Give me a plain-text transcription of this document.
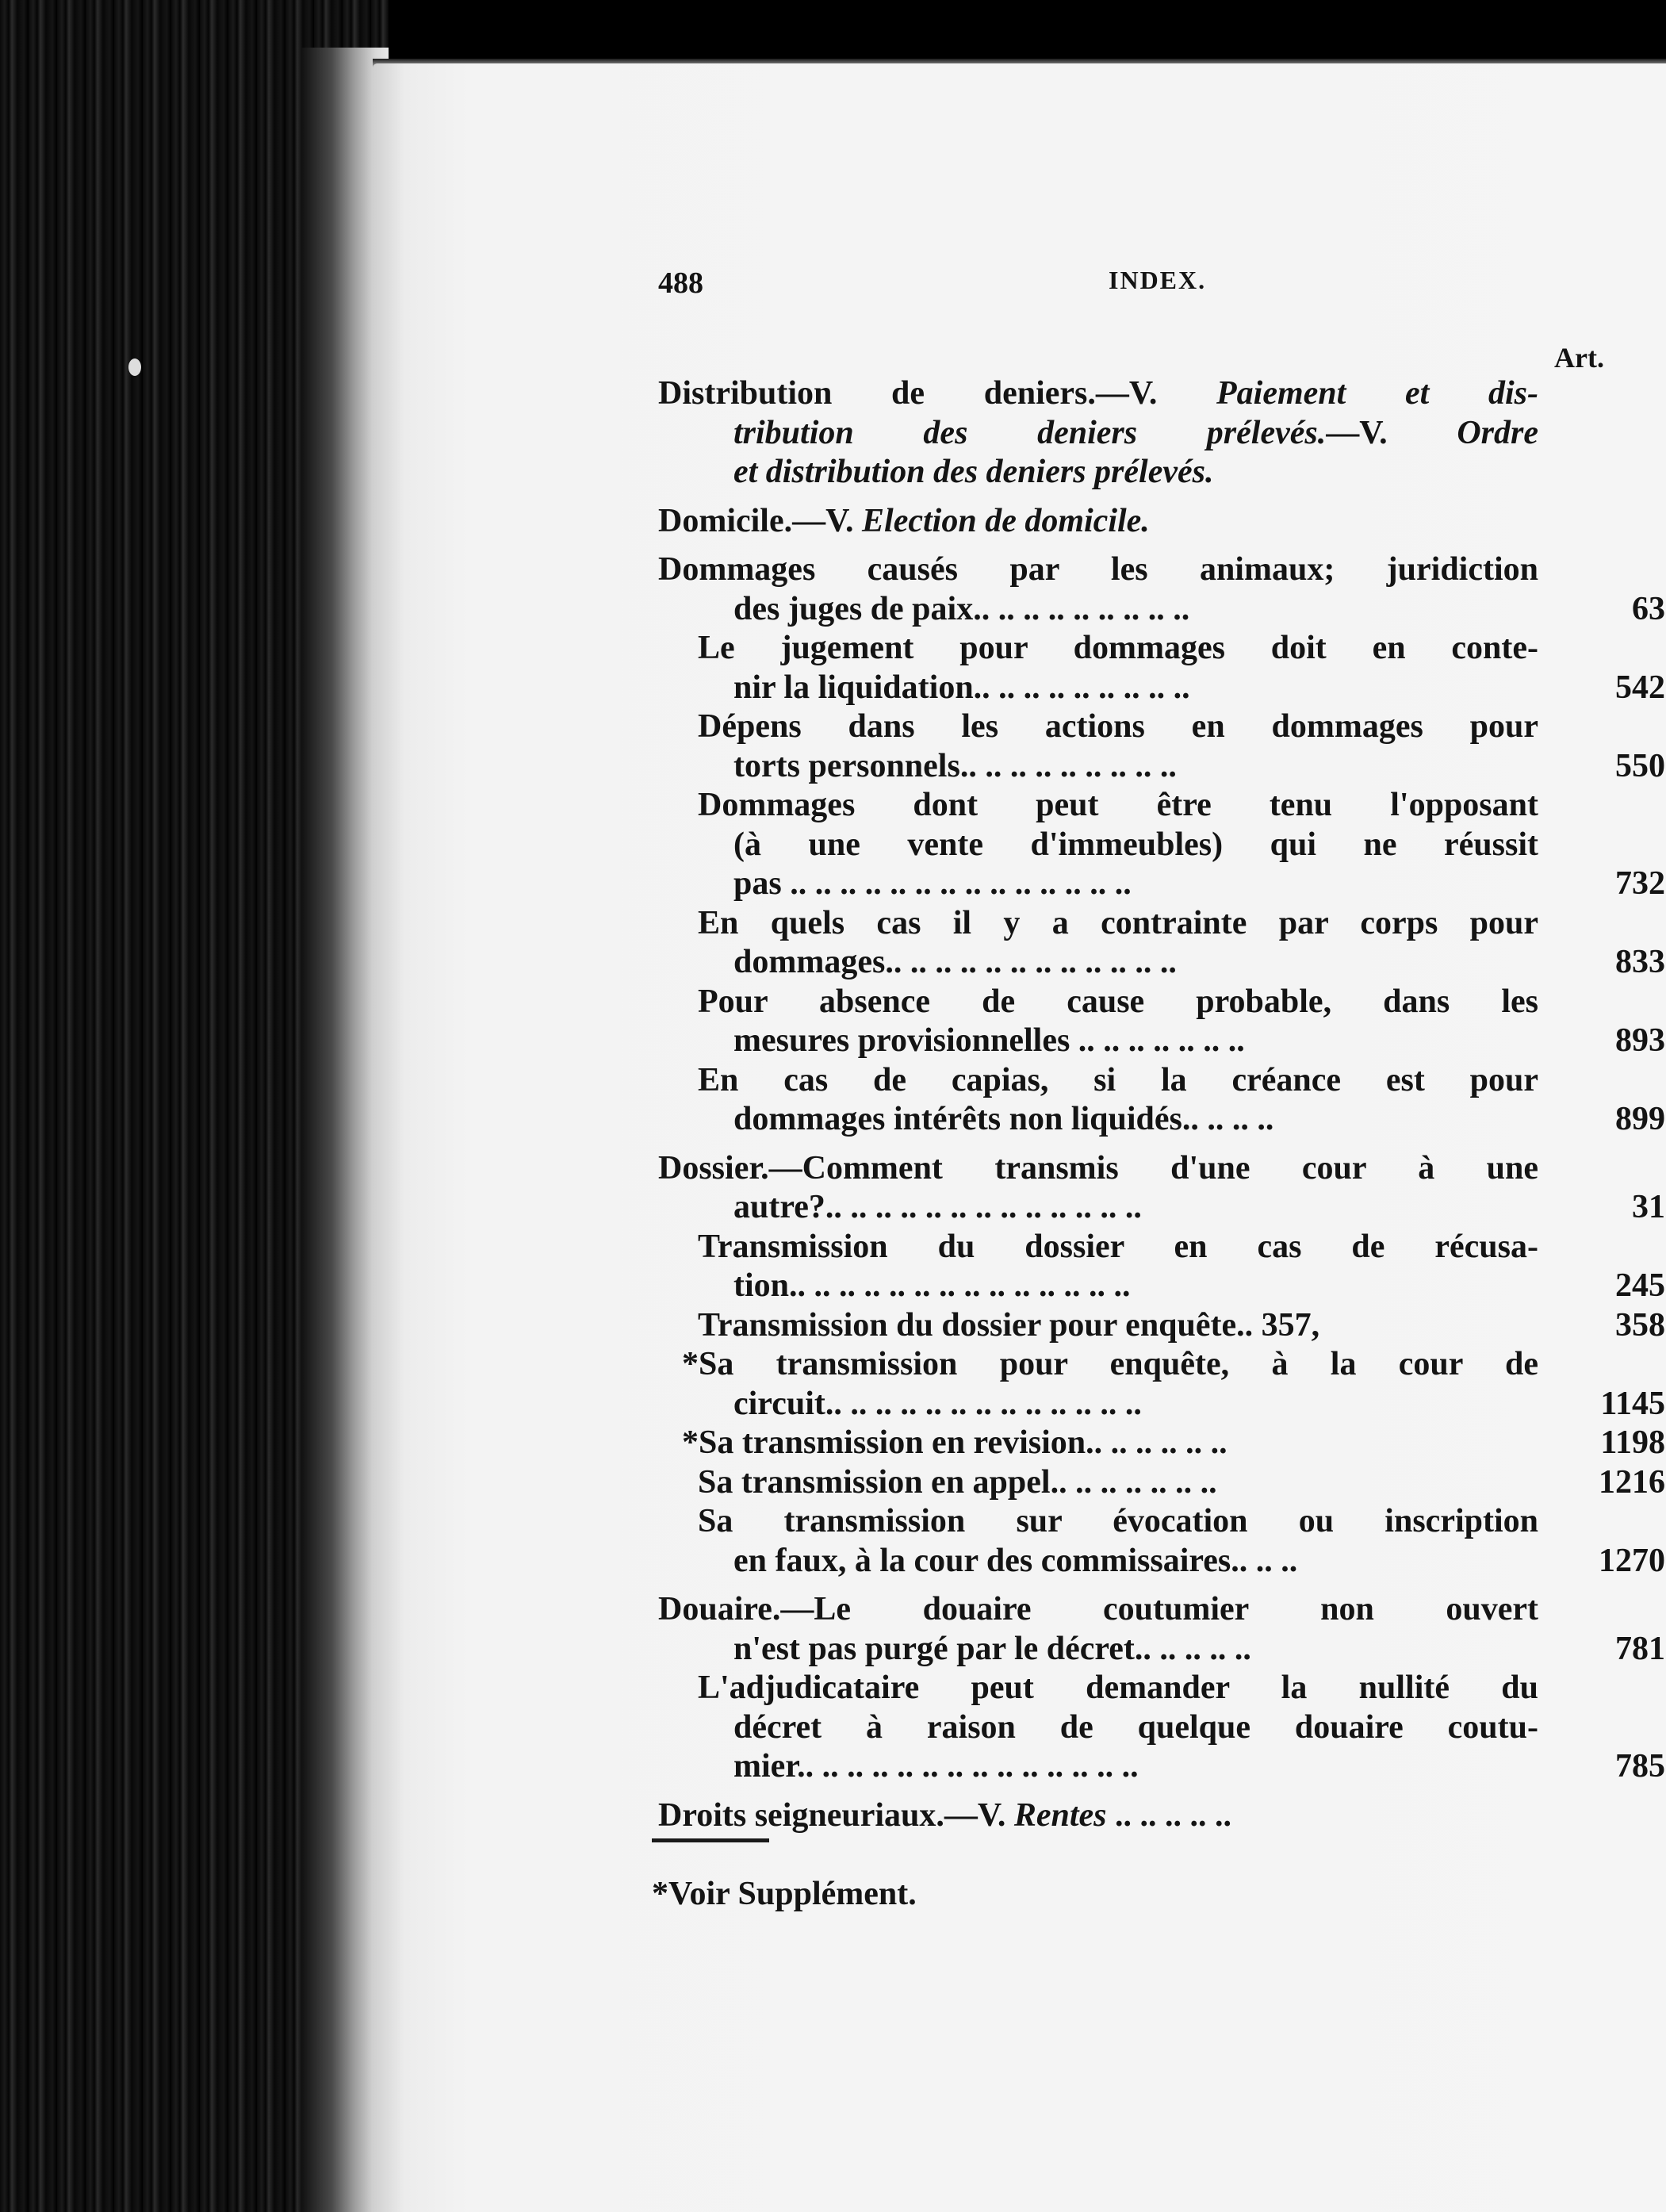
488	INDEX.
Art.
Distribution de deniers.—V. Paiement et dis-
tribution des deniers prélevés.—V. Ordre
et distribution des deniers prélevés.
Domicile.—V. Election de domicile.
Dommages causés par les animaux; juridiction
des juges de paix.. .. .. .. .. .. .. .. ..	63
Le jugement pour dommages doit en conte-
nir la liquidation.. .. .. .. .. .. .. .. ..	542
Dépens dans les actions en dommages pour
torts personnels.. .. .. .. .. .. .. .. ..	550
Dommages dont peut être tenu l'opposant
(à une vente d'immeubles) qui ne réussit
pas .. .. .. .. .. .. .. .. .. .. .. .. .. ..	732
En quels cas il y a contrainte par corps pour
dommages.. .. .. .. .. .. .. .. .. .. .. ..	833
Pour absence de cause probable, dans les
mesures provisionnelles .. .. .. .. .. .. ..	893
En cas de capias, si la créance est pour
dommages intérêts non liquidés.. .. .. ..	899
Dossier.—Comment transmis d'une cour à une
autre?.. .. .. .. .. .. .. .. .. .. .. .. ..	31
Transmission du dossier en cas de récusa-
tion.. .. .. .. .. .. .. .. .. .. .. .. .. ..	245
Transmission du dossier pour enquête.. 357,	358
*Sa transmission pour enquête, à la cour de
circuit.. .. .. .. .. .. .. .. .. .. .. .. ..	1145
*Sa transmission en revision.. .. .. .. .. ..	1198
Sa transmission en appel.. .. .. .. .. .. ..	1216
Sa transmission sur évocation ou inscription
en faux, à la cour des commissaires.. .. ..	1270
Douaire.—Le douaire coutumier non ouvert
n'est pas purgé par le décret.. .. .. .. ..	781
L'adjudicataire peut demander la nullité du
décret à raison de quelque douaire coutu-
mier.. .. .. .. .. .. .. .. .. .. .. .. .. ..	785
Droits seigneuriaux.—V. Rentes .. .. .. .. ..
*Voir Supplément.
